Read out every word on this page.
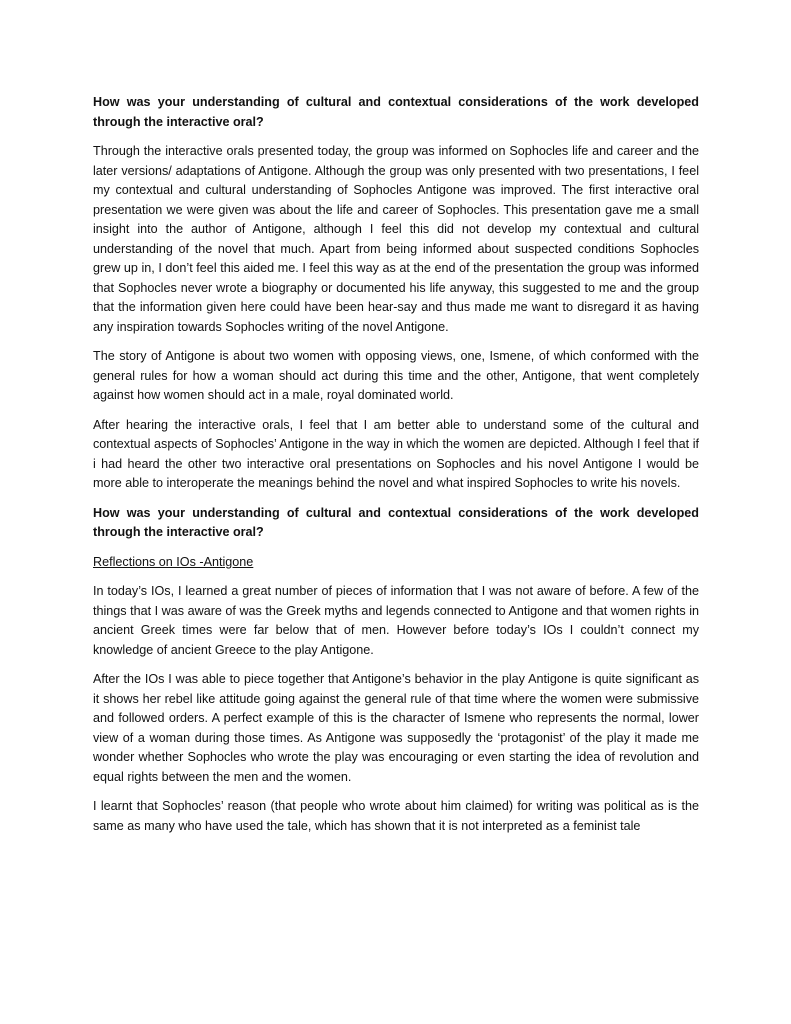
How was your understanding of cultural and contextual considerations of the work developed through the interactive oral?
Through the interactive orals presented today, the group was informed on Sophocles life and career and the later versions/ adaptations of Antigone. Although the group was only presented with two presentations, I feel my contextual and cultural understanding of Sophocles Antigone was improved. The first interactive oral presentation we were given was about the life and career of Sophocles. This presentation gave me a small insight into the author of Antigone, although I feel this did not develop my contextual and cultural understanding of the novel that much. Apart from being informed about suspected conditions Sophocles grew up in, I don’t feel this aided me. I feel this way as at the end of the presentation the group was informed that Sophocles never wrote a biography or documented his life anyway, this suggested to me and the group that the information given here could have been hear-say and thus made me want to disregard it as having any inspiration towards Sophocles writing of the novel Antigone.
The story of Antigone is about two women with opposing views, one, Ismene, of which conformed with the general rules for how a woman should act during this time and the other, Antigone, that went completely against how women should act in a male, royal dominated world.
After hearing the interactive orals, I feel that I am better able to understand some of the cultural and contextual aspects of Sophocles’ Antigone in the way in which the women are depicted. Although I feel that if i had heard the other two interactive oral presentations on Sophocles and his novel Antigone I would be more able to interoperate the meanings behind the novel and what inspired Sophocles to write his novels.
How was your understanding of cultural and contextual considerations of the work developed through the interactive oral?
Reflections on IOs -Antigone
In today’s IOs, I learned a great number of pieces of information that I was not aware of before. A few of the things that I was aware of was the Greek myths and legends connected to Antigone and that women rights in ancient Greek times were far below that of men. However before today’s IOs I couldn’t connect my knowledge of ancient Greece to the play Antigone.
After the IOs I was able to piece together that Antigone’s behavior in the play Antigone is quite significant as it shows her rebel like attitude going against the general rule of that time where the women were submissive and followed orders. A perfect example of this is the character of Ismene who represents the normal, lower view of a woman during those times. As Antigone was supposedly the ‘protagonist’ of the play it made me wonder whether Sophocles who wrote the play was encouraging or even starting the idea of revolution and equal rights between the men and the women.
I learnt that Sophocles’ reason (that people who wrote about him claimed) for writing was political as is the same as many who have used the tale, which has shown that it is not interpreted as a feminist tale
